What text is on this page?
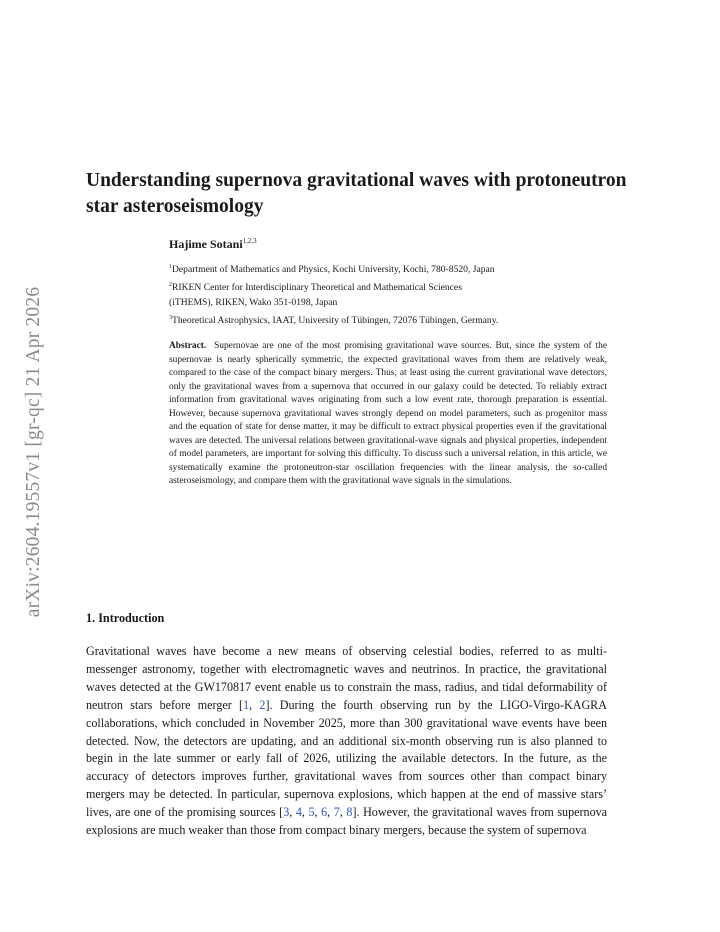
arXiv:2604.19557v1 [gr-qc] 21 Apr 2026
Understanding supernova gravitational waves with protoneutron star asteroseismology
Hajime Sotani$^{1,2,3}$
$^1$Department of Mathematics and Physics, Kochi University, Kochi, 780-8520, Japan
$^2$RIKEN Center for Interdisciplinary Theoretical and Mathematical Sciences
(iTHEMS), RIKEN, Wako 351-0198, Japan
$^3$Theoretical Astrophysics, IAAT, University of Tübingen, 72076 Tübingen, Germany.

Abstract. Supernovae are one of the most promising gravitational wave sources. But, since the system of the supernovae is nearly spherically symmetric, the expected gravitational waves from them are relatively weak, compared to the case of the compact binary mergers. Thus, at least using the current gravitational wave detectors, only the gravitational waves from a supernova that occurred in our galaxy could be detected. To reliably extract information from gravitational waves originating from such a low event rate, thorough preparation is essential. However, because supernova gravitational waves strongly depend on model parameters, such as progenitor mass and the equation of state for dense matter, it may be difficult to extract physical properties even if the gravitational waves are detected. The universal relations between gravitational-wave signals and physical properties, independent of model parameters, are important for solving this difficulty. To discuss such a universal relation, in this article, we systematically examine the protoneutron-star oscillation frequencies with the linear analysis, the so-called asteroseismology, and compare them with the gravitational wave signals in the simulations.

1. Introduction

Gravitational waves have become a new means of observing celestial bodies, referred to as multi-messenger astronomy, together with electromagnetic waves and neutrinos. In practice, the gravitational waves detected at the GW170817 event enable us to constrain the mass, radius, and tidal deformability of neutron stars before merger [1, 2]. During the fourth observing run by the LIGO-Virgo-KAGRA collaborations, which concluded in November 2025, more than 300 gravitational wave events have been detected. Now, the detectors are updating, and an additional six-month observing run is also planned to begin in the late summer or early fall of 2026, utilizing the available detectors. In the future, as the accuracy of detectors improves further, gravitational waves from sources other than compact binary mergers may be detected. In particular, supernova explosions, which happen at the end of massive stars’ lives, are one of the promising sources [3, 4, 5, 6, 7, 8]. However, the gravitational waves from supernova explosions are much weaker than those from compact binary mergers, because the system of supernova
